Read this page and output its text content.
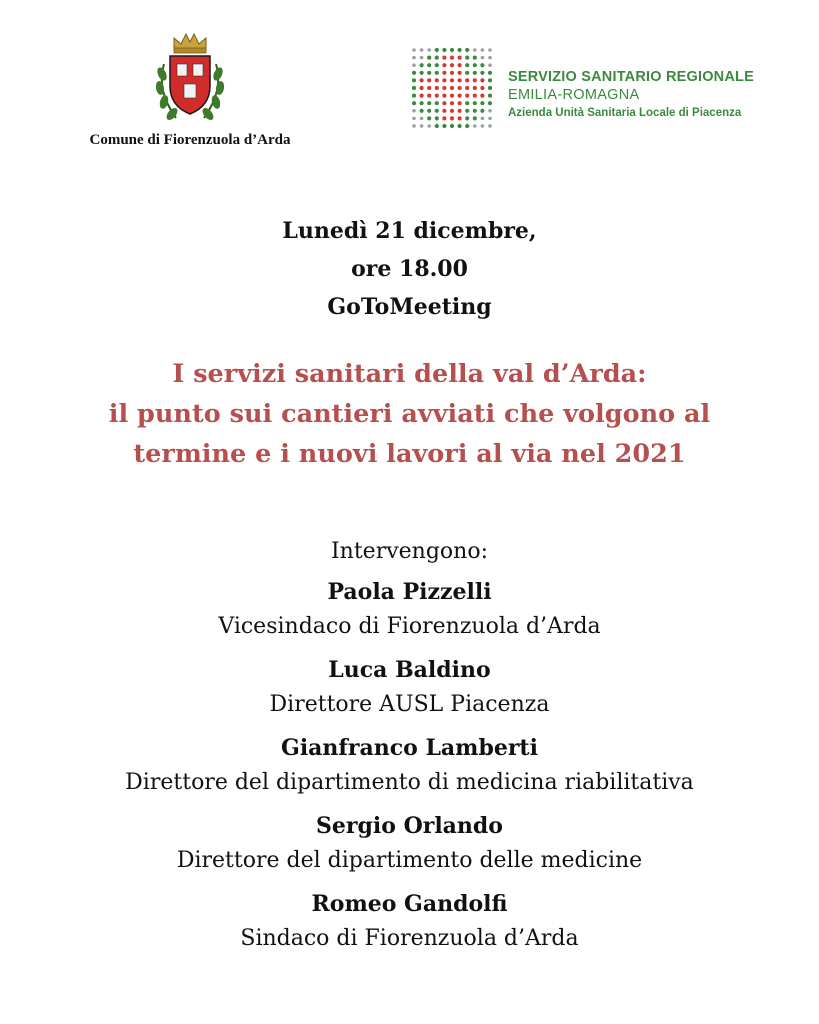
Comune di Fiorenzuola d’Arda
SERVIZIO SANITARIO REGIONALE
EMILIA-ROMAGNA
Azienda Unità Sanitaria Locale di Piacenza
Lunedì 21 dicembre,
ore 18.00
GoToMeeting
I servizi sanitari della val d’Arda:
il punto sui cantieri avviati che volgono al
termine e i nuovi lavori al via nel 2021
Intervengono:
Paola Pizzelli
Vicesindaco di Fiorenzuola d’Arda
Luca Baldino
Direttore AUSL Piacenza
Gianfranco Lamberti
Direttore del dipartimento di medicina riabilitativa
Sergio Orlando
Direttore del dipartimento delle medicine
Romeo Gandolfi
Sindaco di Fiorenzuola d’Arda
